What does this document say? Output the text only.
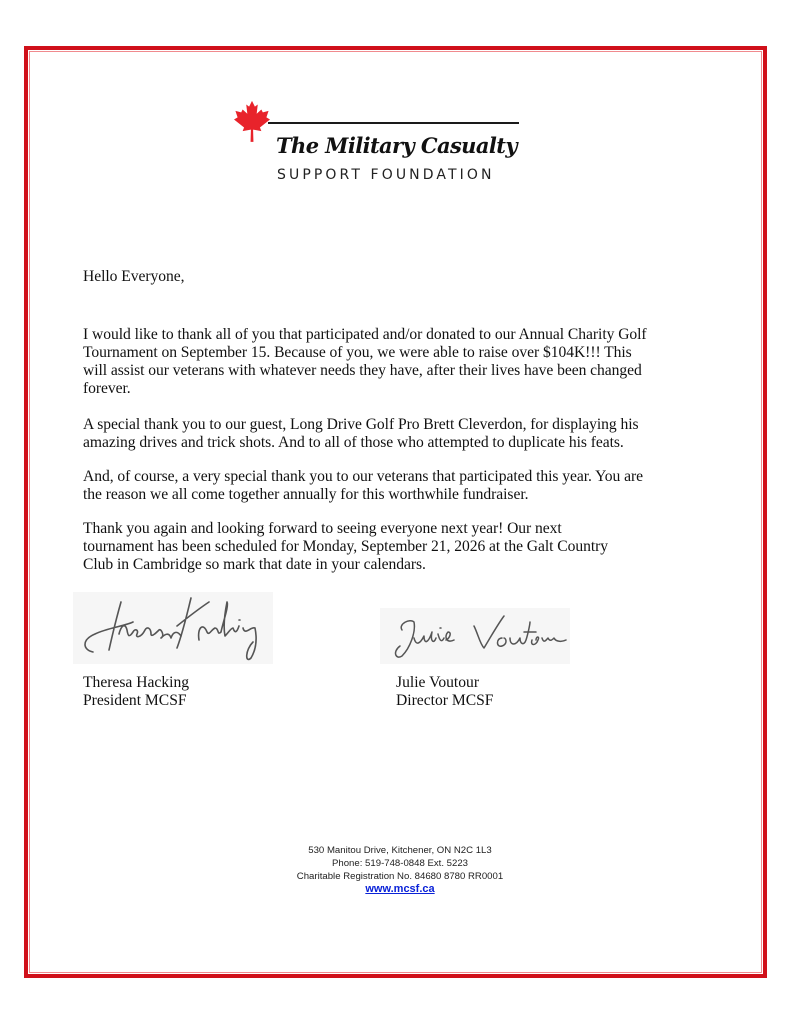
The Military Casualty
SUPPORT FOUNDATION
Hello Everyone,
I would like to thank all of you that participated and/or donated to our Annual Charity Golf
Tournament on September 15. Because of you, we were able to raise over $104K!!! This
will assist our veterans with whatever needs they have, after their lives have been changed
forever.
A special thank you to our guest, Long Drive Golf Pro Brett Cleverdon, for displaying his
amazing drives and trick shots. And to all of those who attempted to duplicate his feats.
And, of course, a very special thank you to our veterans that participated this year. You are
the reason we all come together annually for this worthwhile fundraiser.
Thank you again and looking forward to seeing everyone next year! Our next
tournament has been scheduled for Monday, September 21, 2026 at the Galt Country
Club in Cambridge so mark that date in your calendars.
Theresa Hacking
President MCSF
Julie Voutour
Director MCSF
530 Manitou Drive, Kitchener, ON N2C 1L3
Phone: 519-748-0848 Ext. 5223
Charitable Registration No. 84680 8780 RR0001
www.mcsf.ca
